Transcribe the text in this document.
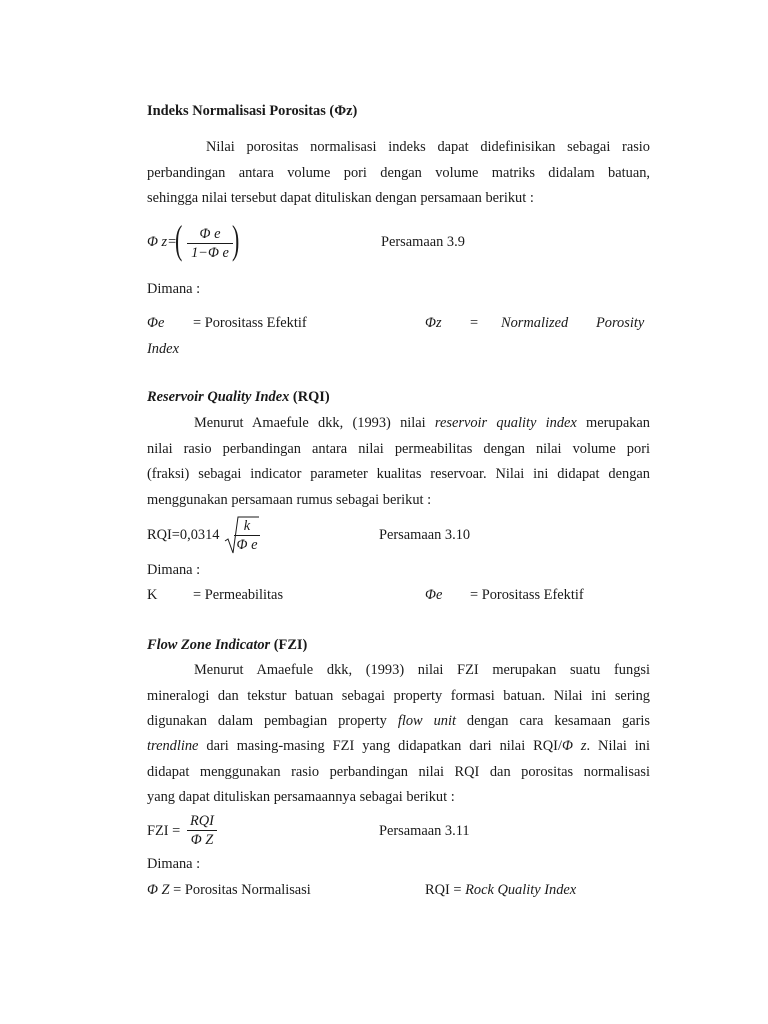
Indeks Normalisasi Porositas (Φz)
Nilai porositas normalisasi indeks dapat didefinisikan sebagai rasio
perbandingan antara volume pori dengan volume matriks didalam batuan,
sehingga nilai tersebut dapat dituliskan dengan persamaan berikut :
Φ z=
( Φ e
1−Φ e )	Persamaan 3.9
Dimana :
Φe = Porositass Efektif	Φz = Normalized Porosity
Index
Reservoir Quality Index (RQI)
Menurut Amaefule dkk, (1993) nilai reservoir quality index merupakan
nilai rasio perbandingan antara nilai permeabilitas dengan nilai volume pori
(fraksi) sebagai indicator parameter kualitas reservoar. Nilai ini didapat dengan
menggunakan persamaan rumus sebagai berikut :
RQI=0,0314
k
Φ e
Persamaan 3.10
Dimana :
K = Permeabilitas	Φe = Porositass Efektif
Flow Zone Indicator (FZI)
Menurut Amaefule dkk, (1993) nilai FZI merupakan suatu fungsi
mineralogi dan tekstur batuan sebagai property formasi batuan. Nilai ini sering
digunakan dalam pembagian property flow unit dengan cara kesamaan garis
trendline dari masing-masing FZI yang didapatkan dari nilai RQI/Φ z. Nilai ini
didapat menggunakan rasio perbandingan nilai RQI dan porositas normalisasi
yang dapat dituliskan persamaannya sebagai berikut :
FZI =
RQI
Φ Z
Persamaan 3.11
Dimana :
Φ Z = Porositas Normalisasi	RQI = Rock Quality Index
